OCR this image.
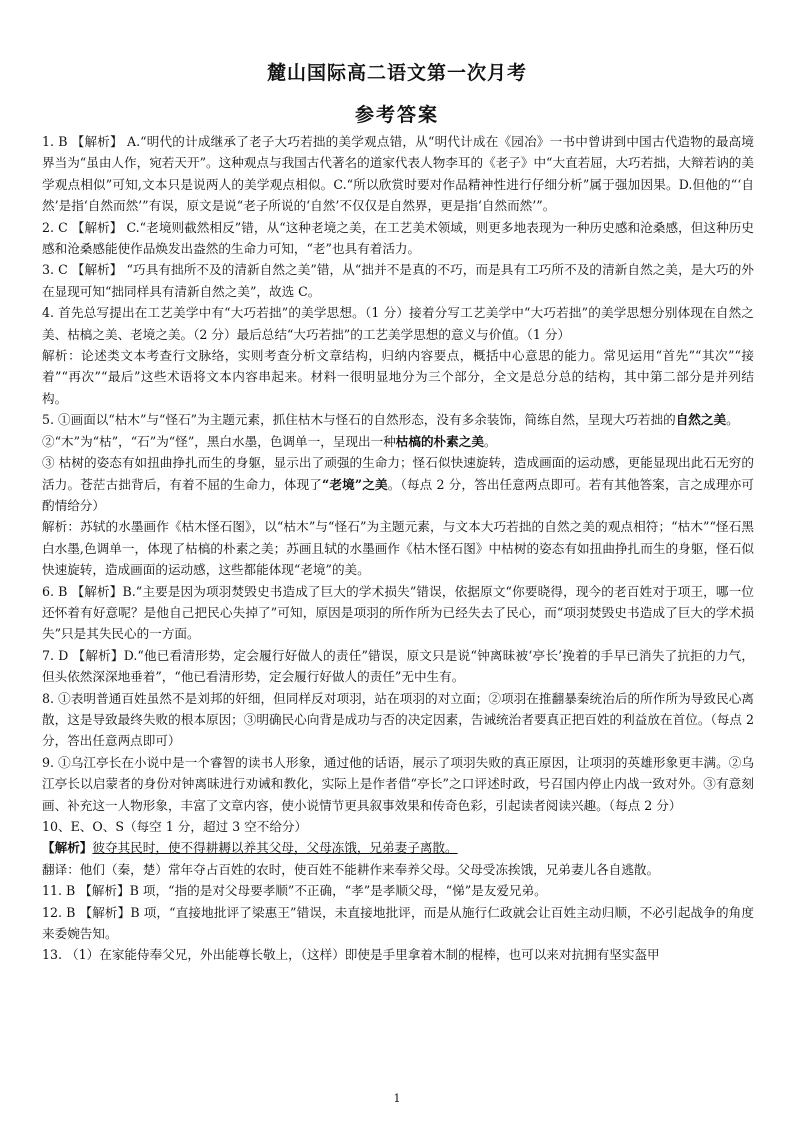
麓山国际高二语文第一次月考
参考答案

1. B 【解析】 A.“明代的计成继承了老子大巧若拙的美学观点错，从“明代计成在《园冶》一书中曾讲到中国古代造物的最高境界当为“虽由人作，宛若天开”。这种观点与我国古代著名的道家代表人物李耳的《老子》中“大直若屈，大巧若拙，大辩若讷的美学观点相似”可知,文本只是说两人的美学观点相似。C.“所以欣赏时要对作品精神性进行仔细分析”属于强加因果。D.但他的“‘自然’是指‘自然而然’”有误，原文是说“老子所说的‘自然’不仅仅是自然界，更是指‘自然而然’”。

2. C 【解析】 C.“老境则截然相反”错，从“这种老境之美，在工艺美术领域，则更多地表现为一种历史感和沧桑感，但这种历史感和沧桑感能使作品焕发出盎然的生命力可知，“老”也具有着活力。

3. C 【解析】 “巧具有拙所不及的清新自然之美”错，从“拙并不是真的不巧，而是具有工巧所不及的清新自然之美，是大巧的外在显现可知“拙同样具有清新自然之美”，故选 C。

4. 首先总写提出在工艺美学中有“大巧若拙”的美学思想。（1 分）接着分写工艺美学中“大巧若拙”的美学思想分别体现在自然之美、枯槁之美、老境之美。（2 分）最后总结“大巧若拙”的工艺美学思想的意义与价值。（1 分）

解析：论述类文本考查行文脉络，实则考查分析文章结构，归纳内容要点，概括中心意思的能力。常见运用“首先”“其次”“接着”“再次”“最后”这些术语将文本内容串起来。材料一很明显地分为三个部分，全文是总分总的结构，其中第二部分是并列结构。

5. ①画面以“枯木”与“怪石”为主题元素，抓住枯木与怪石的自然形态，没有多余装饰，简练自然，呈现大巧若拙的自然之美。

②“木”为“枯”，“石”为“怪”，黑白水墨，色调单一，呈现出一种枯槁的朴素之美。

③ 枯树的姿态有如扭曲挣扎而生的身躯，显示出了顽强的生命力；怪石似快速旋转，造成画面的运动感，更能显现出此石无穷的活力。苍茫古拙背后，有着不屈的生命力，体现了“老境”之美。（每点 2 分，答出任意两点即可。若有其他答案，言之成理亦可酌情给分）

解析：苏轼的水墨画作《枯木怪石图》，以“枯木”与“怪石”为主题元素，与文本大巧若拙的自然之美的观点相符；“枯木”“怪石黑白水墨,色调单一，体现了枯槁的朴素之美；苏画且轼的水墨画作《枯木怪石图》中枯树的姿态有如扭曲挣扎而生的身躯，怪石似快速旋转，造成画面的运动感，这些都能体现“老境”的美。

6. B 【解析】B.“主要是因为项羽焚毁史书造成了巨大的学术损失”错误，依据原文“你要晓得，现今的老百姓对于项王，哪一位还怀着有好意呢？是他自己把民心失掉了”可知，原因是项羽的所作所为已经失去了民心，而“项羽焚毁史书造成了巨大的学术损失”只是其失民心的一方面。

7. D 【解析】D.“他已看清形势，定会履行好做人的责任”错误，原文只是说“钟离昧被‘亭长’挽着的手早已消失了抗拒的力气，但头依然深深地垂着”，“他已看清形势，定会履行好做人的责任”无中生有。

8. ①表明普通百姓虽然不是刘邦的奸细，但同样反对项羽，站在项羽的对立面；②项羽在推翻暴秦统治后的所作所为导致民心离散，这是导致最终失败的根本原因；③明确民心向背是成功与否的决定因素，告诫统治者要真正把百姓的利益放在首位。（每点 2 分，答出任意两点即可）

9. ①乌江亭长在小说中是一个睿智的读书人形象，通过他的话语，展示了项羽失败的真正原因，让项羽的英雄形象更丰满。②乌江亭长以启蒙者的身份对钟离昧进行劝诫和教化，实际上是作者借“亭长”之口评述时政，号召国内停止内战一致对外。③有意刻画、补充这一人物形象，丰富了文章内容，使小说情节更具叙事效果和传奇色彩，引起读者阅读兴趣。（每点 2 分）

10、E、O、S（每空 1 分，超过 3 空不给分）

【解析】彼夺其民时，使不得耕耨以养其父母，父母冻饿，兄弟妻子离散。

翻译：他们（秦，楚）常年夺占百姓的农时，使百姓不能耕作来奉养父母。父母受冻挨饿，兄弟妻儿各自逃散。

11. B 【解析】B 项，“指的是对父母要孝顺”不正确，“孝”是孝顺父母，“悌”是友爱兄弟。

12. B 【解析】B 项，“直接地批评了梁惠王”错误，未直接地批评，而是从施行仁政就会让百姓主动归顺，不必引起战争的角度来委婉告知。

13. （1）在家能侍奉父兄，外出能尊长敬上，（这样）即使是手里拿着木制的棍棒，也可以来对抗拥有坚实盔甲

1
